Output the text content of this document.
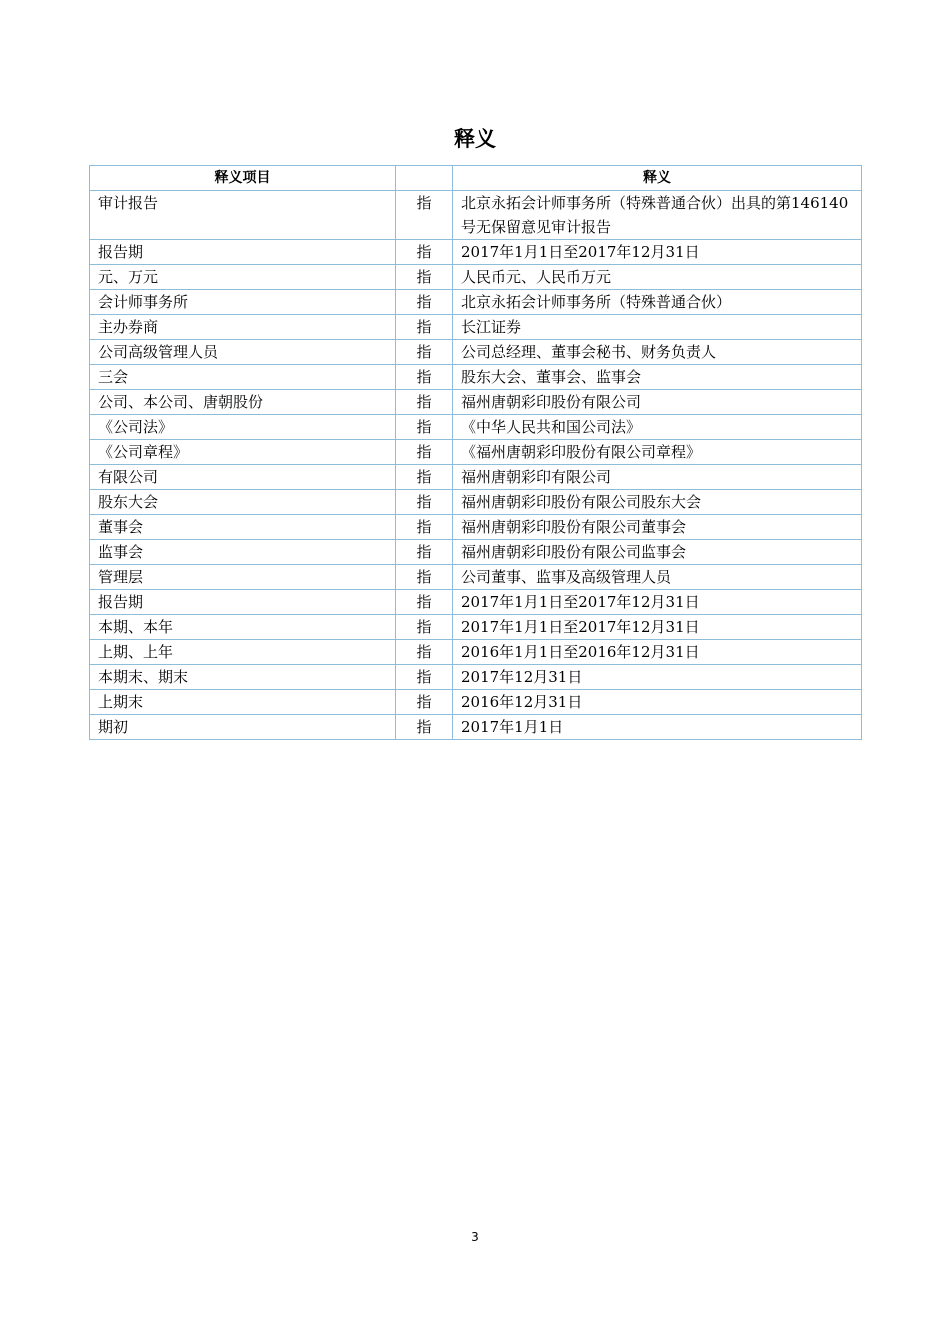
释义
释义项目		释义
审计报告	指	北京永拓会计师事务所（特殊普通合伙）出具的第146140号无保留意见审计报告
报告期	指	2017年1月1日至2017年12月31日
元、万元	指	人民币元、人民币万元
会计师事务所	指	北京永拓会计师事务所（特殊普通合伙）
主办券商	指	长江证券
公司高级管理人员	指	公司总经理、董事会秘书、财务负责人
三会	指	股东大会、董事会、监事会
公司、本公司、唐朝股份	指	福州唐朝彩印股份有限公司
《公司法》	指	《中华人民共和国公司法》
《公司章程》	指	《福州唐朝彩印股份有限公司章程》
有限公司	指	福州唐朝彩印有限公司
股东大会	指	福州唐朝彩印股份有限公司股东大会
董事会	指	福州唐朝彩印股份有限公司董事会
监事会	指	福州唐朝彩印股份有限公司监事会
管理层	指	公司董事、监事及高级管理人员
报告期	指	2017年1月1日至2017年12月31日
本期、本年	指	2017年1月1日至2017年12月31日
上期、上年	指	2016年1月1日至2016年12月31日
本期末、期末	指	2017年12月31日
上期末	指	2016年12月31日
期初	指	2017年1月1日
3
